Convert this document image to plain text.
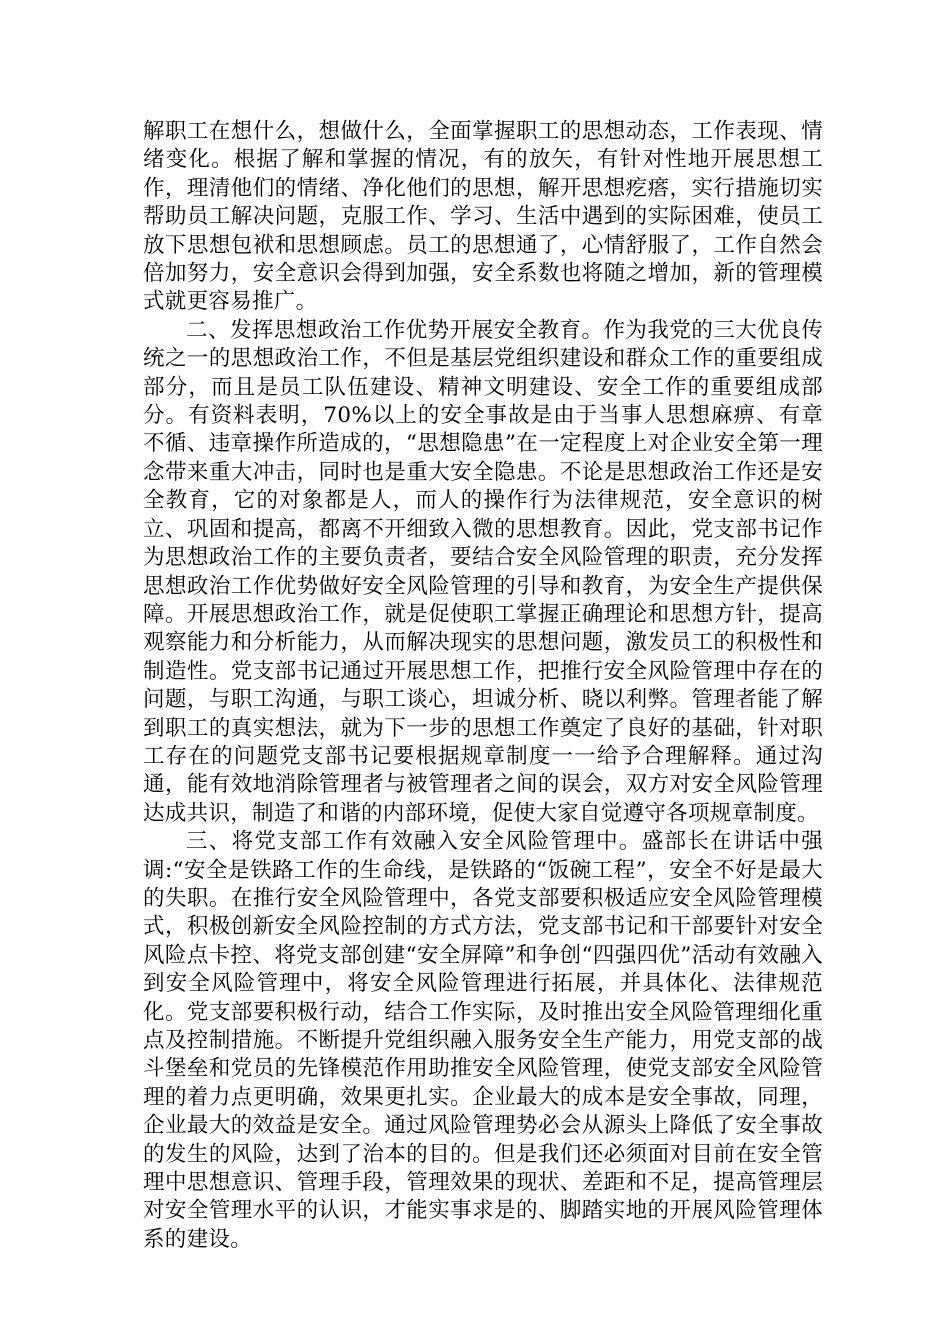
解职工在想什么，想做什么，全面掌握职工的思想动态，工作表现、情绪变化。根据了解和掌握的情况，有的放矢，有针对性地开展思想工作，理清他们的情绪、净化他们的思想，解开思想疙瘩，实行措施切实帮助员工解决问题，克服工作、学习、生活中遇到的实际困难，使员工放下思想包袱和思想顾虑。员工的思想通了，心情舒服了，工作自然会倍加努力，安全意识会得到加强，安全系数也将随之增加，新的管理模式就更容易推广。

二、发挥思想政治工作优势开展安全教育。作为我党的三大优良传统之一的思想政治工作，不但是基层党组织建设和群众工作的重要组成部分，而且是员工队伍建设、精神文明建设、安全工作的重要组成部分。有资料表明，70%以上的安全事故是由于当事人思想麻痹、有章不循、违章操作所造成的，“思想隐患”在一定程度上对企业安全第一理念带来重大冲击，同时也是重大安全隐患。不论是思想政治工作还是安全教育，它的对象都是人，而人的操作行为法律规范，安全意识的树立、巩固和提高，都离不开细致入微的思想教育。因此，党支部书记作为思想政治工作的主要负责者，要结合安全风险管理的职责，充分发挥思想政治工作优势做好安全风险管理的引导和教育，为安全生产提供保障。开展思想政治工作，就是促使职工掌握正确理论和思想方针，提高观察能力和分析能力，从而解决现实的思想问题，激发员工的积极性和制造性。党支部书记通过开展思想工作，把推行安全风险管理中存在的问题，与职工沟通，与职工谈心，坦诚分析、晓以利弊。管理者能了解到职工的真实想法，就为下一步的思想工作奠定了良好的基础，针对职工存在的问题党支部书记要根据规章制度一一给予合理解释。通过沟通，能有效地消除管理者与被管理者之间的误会，双方对安全风险管理达成共识，制造了和谐的内部环境，促使大家自觉遵守各项规章制度。

三、将党支部工作有效融入安全风险管理中。盛部长在讲话中强调:“安全是铁路工作的生命线，是铁路的“饭碗工程”，安全不好是最大的失职。在推行安全风险管理中，各党支部要积极适应安全风险管理模式，积极创新安全风险控制的方式方法，党支部书记和干部要针对安全风险点卡控、将党支部创建“安全屏障”和争创“四强四优”活动有效融入到安全风险管理中，将安全风险管理进行拓展，并具体化、法律规范化。党支部要积极行动，结合工作实际，及时推出安全风险管理细化重点及控制措施。不断提升党组织融入服务安全生产能力，用党支部的战斗堡垒和党员的先锋模范作用助推安全风险管理，使党支部安全风险管理的着力点更明确，效果更扎实。企业最大的成本是安全事故，同理，企业最大的效益是安全。通过风险管理势必会从源头上降低了安全事故的发生的风险，达到了治本的目的。但是我们还必须面对目前在安全管理中思想意识、管理手段，管理效果的现状、差距和不足，提高管理层对安全管理水平的认识，才能实事求是的、脚踏实地的开展风险管理体系的建设。
